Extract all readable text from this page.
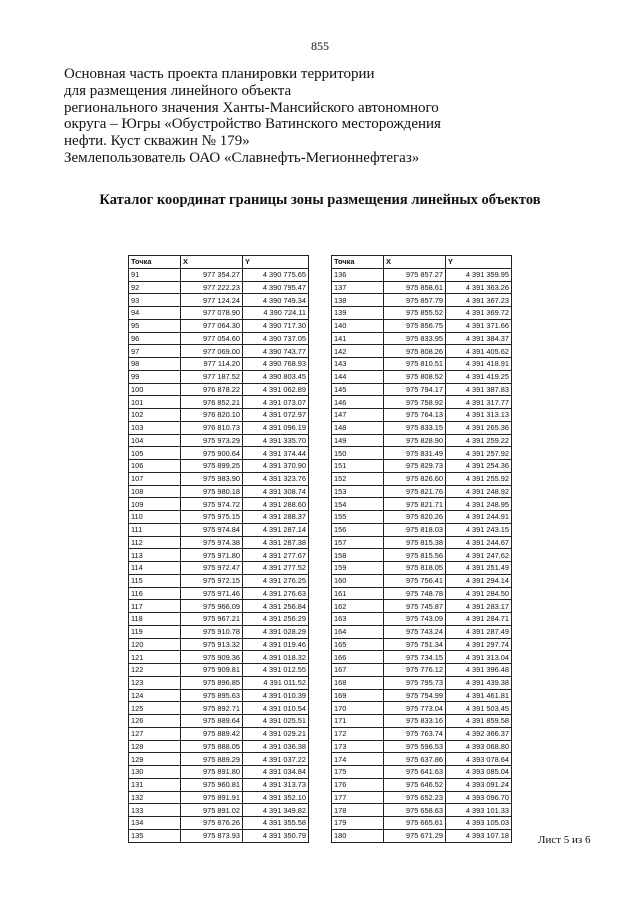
855
Основная часть проекта планировки территории
для размещения линейного объекта
регионального значения Ханты-Мансийского автономного
округа – Югры «Обустройство Ватинского месторождения
нефти. Куст скважин № 179»
Землепользователь ОАО «Славнефть-Мегионнефтегаз»
Каталог координат границы зоны размещения линейных объектов
Точка	X	Y
91	977 354.27	4 390 775.65
92	977 222.23	4 390 795.47
93	977 124.24	4 390 749.34
94	977 078.90	4 390 724.11
95	977 064.30	4 390 717.30
96	977 054.60	4 390 737.05
97	977 069.00	4 390 743.77
98	977 114.20	4 390 768.93
99	977 187.52	4 390 803.45
100	976 878.22	4 391 062.89
101	976 852.21	4 391 073.07
102	976 820.10	4 391 072.97
103	976 810.73	4 391 096.19
104	975 973.29	4 391 335.70
105	975 900.64	4 391 374.44
106	975 899.25	4 391 370.90
107	975 983.90	4 391 323.76
108	975 980.18	4 391 308.74
109	975 974.72	4 391 288.60
110	975 975.15	4 391 288.37
111	975 974.84	4 391 287.14
112	975 974.38	4 391 287.38
113	975 971.80	4 391 277.67
114	975 972.47	4 391 277.52
115	975 972.15	4 391 276.25
116	975 971.46	4 391 276.63
117	975 966.09	4 391 256.84
118	975 967.21	4 391 256.29
119	975 910.78	4 391 028.29
120	975 913.32	4 391 019.46
121	975 909.36	4 391 018.32
122	975 909.81	4 391 012.55
123	975 896.85	4 391 011.52
124	975 895.63	4 391 010.39
125	975 892.71	4 391 010.54
126	975 889.64	4 391 025.51
127	975 889.42	4 391 029.21
128	975 888.05	4 391 036.38
129	975 889.29	4 391 037.22
130	975 891.80	4 391 034.84
131	975 960.81	4 391 313.73
132	975 891.91	4 391 352.10
133	975 891.02	4 391 349.82
134	975 876.26	4 391 355.58
135	975 873.93	4 391 350.79
Точка	X	Y
136	975 857.27	4 391 359.95
137	975 858.61	4 391 363.26
138	975 857.79	4 391 367.23
139	975 855.52	4 391 369.72
140	975 856.75	4 391 371.66
141	975 833.95	4 391 384.37
142	975 808.26	4 391 405.62
143	975 810.51	4 391 418.91
144	975 808.52	4 391 419.25
145	975 794.17	4 391 387.83
146	975 758.92	4 391 317.77
147	975 764.13	4 391 313.13
148	975 833.15	4 391 265.36
149	975 828.90	4 391 259.22
150	975 831.49	4 391 257.92
151	975 829.73	4 391 254.36
152	975 826.60	4 391 255.92
153	975 821.76	4 391 248.92
154	975 821.71	4 391 248.95
155	975 820.26	4 391 244.91
156	975 818.03	4 391 243.15
157	975 815.38	4 391 244.67
158	975 815.56	4 391 247.62
159	975 818.05	4 391 251.49
160	975 756.41	4 391 294.14
161	975 748.78	4 391 284.50
162	975 745.87	4 391 283.17
163	975 743.09	4 391 284.71
164	975 743.24	4 391 287.49
165	975 751.34	4 391 297.74
166	975 734.15	4 391 313.04
167	975 776.12	4 391 396.48
168	975 795.73	4 391 439.38
169	975 754.99	4 391 461.81
170	975 773.04	4 391 503.45
171	975 833.16	4 391 859.58
172	975 763.74	4 392 366.37
173	975 596.53	4 393 068.80
174	975 637.86	4 393 078.64
175	975 641.63	4 393 085.04
176	975 646.52	4 393 091.24
177	975 652.23	4 393 096.70
178	975 658.63	4 393 101.33
179	975 665.61	4 393 105.03
180	975 671.29	4 393 107.18	Лист 5 из 6
